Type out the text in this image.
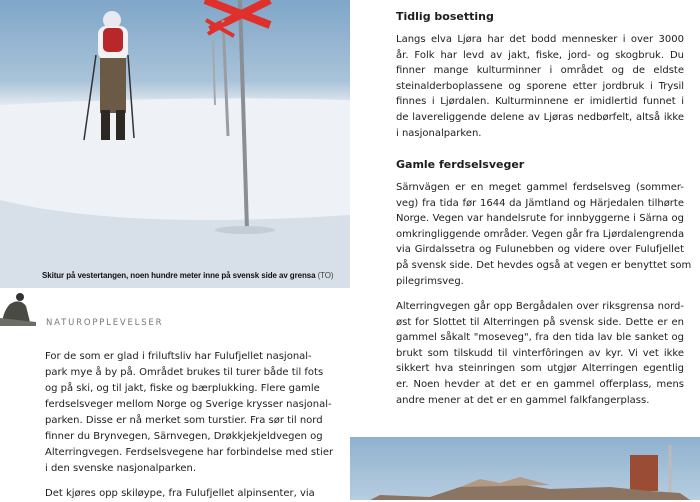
Skitur på vestertangen, noen hundre meter inne på svensk side av grensa (TO)
NATUROPPLEVELSER
For de som er glad i friluftsliv har Fulufjellet nasjonal-
park mye å by på. Området brukes til turer både til fots
og på ski, og til jakt, fiske og bærplukking. Flere gamle
ferdselsveger mellom Norge og Sverige krysser nasjonal-
parken. Disse er nå merket som turstier. Fra sør til nord
finner du Brynvegen, Särnvegen, Drøkkjekjeldvegen og
Alterringvegen. Ferdselsvegene har forbindelse med stier
i den svenske nasjonalparken.
Det kjøres opp skiløype, fra Fulufjellet alpinsenter, via
Tidlig bosetting
Langs elva Ljøra har det bodd mennesker i over 3000
år. Folk har levd av jakt, fiske, jord- og skogbruk. Du
finner mange kulturminner i området og de eldste
steinalderboplassene og sporene etter jordbruk i Trysil
finnes i Ljørdalen. Kulturminnene er imidlertid funnet i
de lavereliggende delene av Ljøras nedbørfelt, altså ikke
i nasjonalparken.
Gamle ferdselsveger
Särnvägen er en meget gammel ferdselsveg (sommer-
veg) fra tida før 1644 da Jämtland og Härjedalen tilhørte
Norge. Vegen var handelsrute for innbyggerne i Särna og
omkringliggende områder. Vegen går fra Ljørdalengrenda
via Girdalssetra og Fulunebben og videre over Fulufjellet
på svensk side. Det hevdes også at vegen er benyttet som
pilegrimsveg.
Alterringvegen går opp Bergådalen over riksgrensa nord-
øst for Slottet til Alterringen på svensk side. Dette er en
gammel såkalt "moseveg", fra den tida lav ble sanket og
brukt som tilskudd til vinterfôringen av kyr. Vi vet ikke
sikkert hva steinringen som utgjør Alterringen egentlig
er. Noen hevder at det er en gammel offerplass, mens
andre mener at det er en gammel falkfangerplass.
